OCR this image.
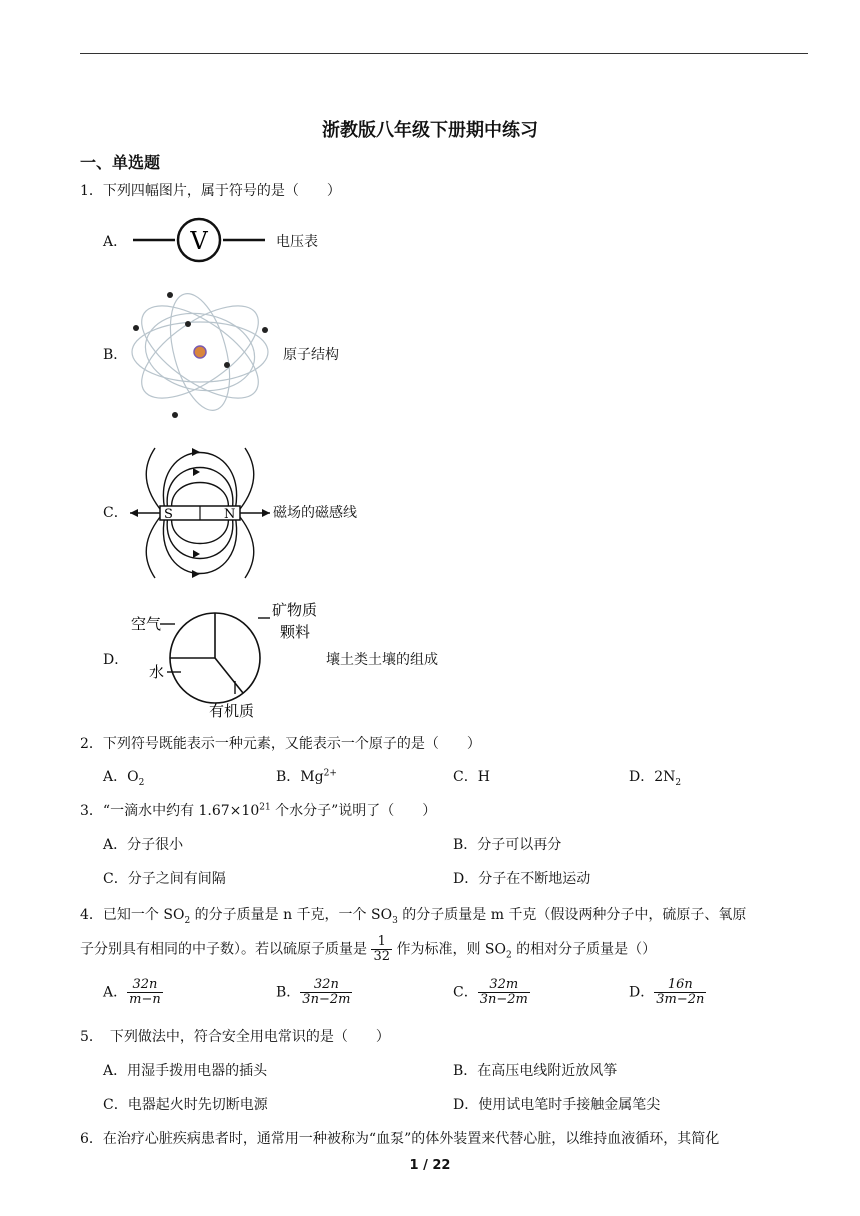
浙教版八年级下册期中练习
一、单选题
1．下列四幅图片，属于符号的是（　　）
A．	V	电压表
B．	原子结构
C．	S	N	磁场的磁感线
D．
空气
矿物质
颗料
水
有机质
壤土类土壤的组成
2．下列符号既能表示一种元素，又能表示一个原子的是（　　）
A．$O_2$	B．$Mg^{2+}$	C．H	D．$2N_2$
3．“一滴水中约有 $1.67\times 10^{21}$ 个水分子”说明了（　　）
A．分子很小	B．分子可以再分
C．分子之间有间隔	D．分子在不断地运动
4．已知一个 $SO_2$ 的分子质量是 n 千克，一个 $SO_3$ 的分子质量是 m 千克（假设两种分子中，硫原子、氧原
子分别具有相同的中子数）。若以硫原子质量是 $\frac{1}{32}$ 作为标准，则 $SO_2$ 的相对分子质量是（）
A． $\frac{32n}{m-n}$	B． $\frac{32n}{3n-2m}$	C． $\frac{32m}{3n-2m}$	D． $\frac{16n}{3m-2n}$
5．　下列做法中，符合安全用电常识的是（　　）
A．用湿手拨用电器的插头	B．在高压电线附近放风筝
C．电器起火时先切断电源	D．使用试电笔时手接触金属笔尖
6．在治疗心脏疾病患者时，通常用一种被称为“血泵”的体外装置来代替心脏，以维持血液循环，其简化
1 / 22
